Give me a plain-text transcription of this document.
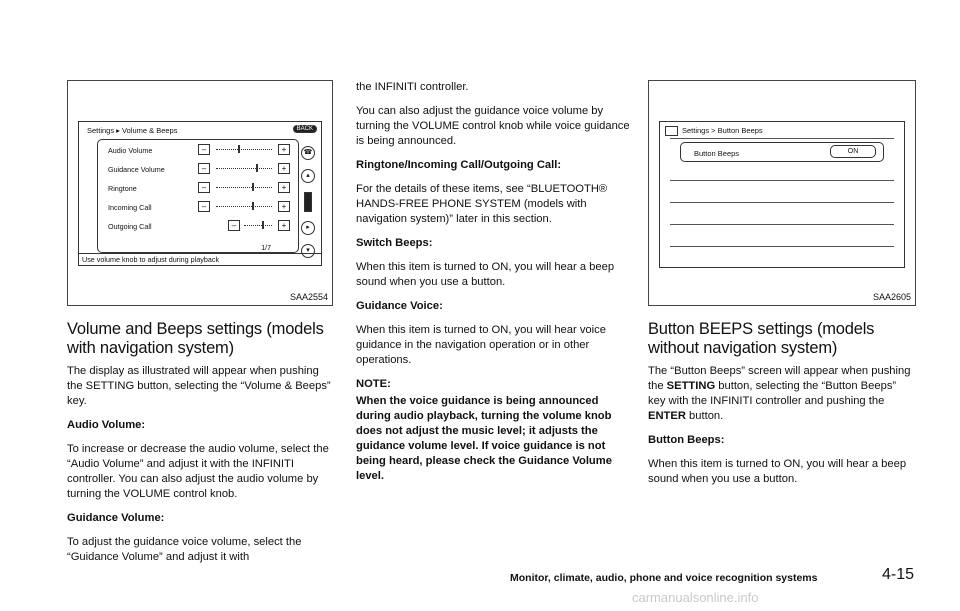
Settings ▸ Volume & Beeps	BACK
Audio Volume	–	+
Guidance Volume	–	+
Ringtone	–	+
Incoming Call	–	+
Outgoing Call	–	+
1/7
☎
▴
▸
▾
Use volume knob to adjust during playback
SAA2554
Volume and Beeps settings (models with navigation system)

The display as illustrated will appear when pushing the SETTING button, selecting the “Volume & Beeps” key.

Audio Volume:

To increase or decrease the audio volume, select the “Audio Volume” and adjust it with the INFINITI controller. You can also adjust the audio volume by turning the VOLUME control knob.

Guidance Volume:

To adjust the guidance voice volume, select the “Guidance Volume” and adjust it with

the INFINITI controller.

You can also adjust the guidance voice volume by turning the VOLUME control knob while voice guidance is being announced.

Ringtone/Incoming Call/Outgoing Call:

For the details of these items, see “BLUETOOTH® HANDS-FREE PHONE SYSTEM (models with navigation system)” later in this section.

Switch Beeps:

When this item is turned to ON, you will hear a beep sound when you use a button.

Guidance Voice:

When this item is turned to ON, you will hear voice guidance in the navigation operation or in other operations.

NOTE:

When the voice guidance is being announced during audio playback, turning the volume knob does not adjust the music level; it adjusts the guidance volume level. If voice guidance is not being heard, please check the Guidance Volume level.

Settings > Button Beeps
Button Beeps	ON
SAA2605
Button BEEPS settings (models without navigation system)

The “Button Beeps” screen will appear when pushing the SETTING button, selecting the “Button Beeps” key with the INFINITI controller and pushing the ENTER button.

Button Beeps:

When this item is turned to ON, you will hear a beep sound when you use a button.

Monitor, climate, audio, phone and voice recognition systems	4-15
carmanualsonline.info
